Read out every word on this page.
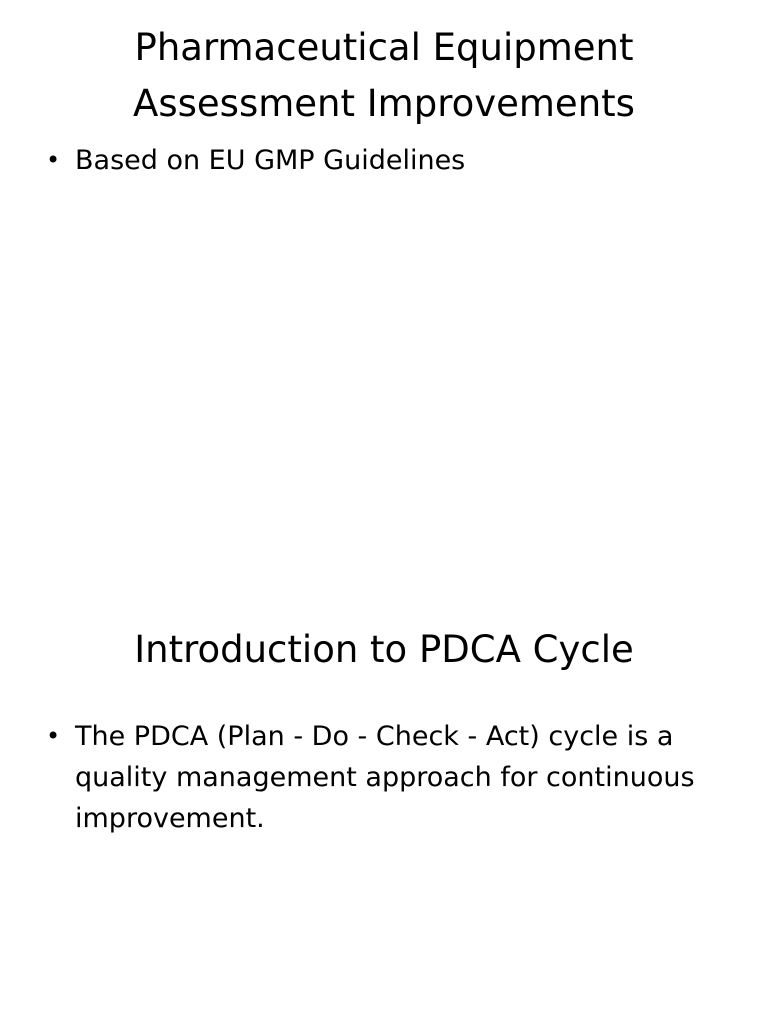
Pharmaceutical Equipment Assessment Improvements
• Based on EU GMP Guidelines
Introduction to PDCA Cycle
• The PDCA (Plan - Do - Check - Act) cycle is a quality management approach for continuous improvement.
